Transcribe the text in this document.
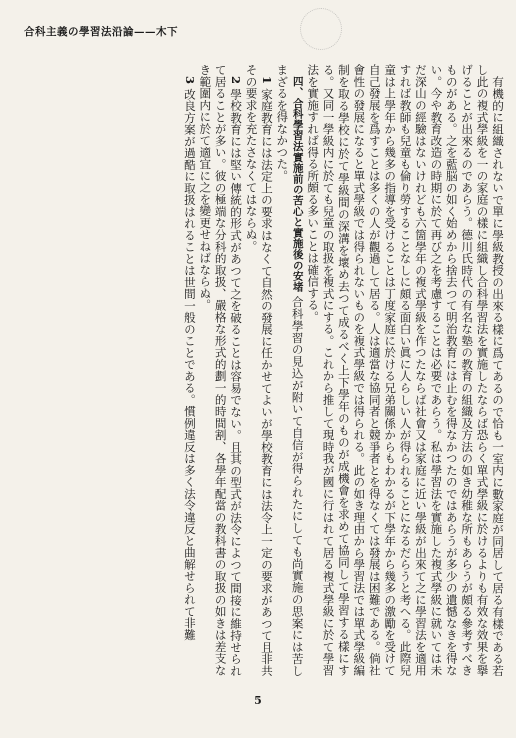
合科主義の學習法沿論——木下

有機的に組織されないで單に學級教授の出來る樣に爲てあるので恰も一室内に數家庭が同居して居る有樣である若し此の複式學級を一の家庭の樣に組織し合科學習法を實施したならば恐らく單式學級に於けるよりも有效な效果を擧げることが出來るのであらう。德川氏時代の有名な塾の教育の組織及方法の如き幼稚な所もあらうが頗る參考すべきものがある。之を藍脳の如く始めから捨去つて明治教育には止むを得なかつたのではあらうが多少の遺憾なきを得ない。今や教育改造の時期に於て再び之を考慮することは必要であらう。私は學習法を實施した複式學級に就いては未だ深山の經驗はないけれども六箇學年の複式學級を作つたならば社會又は家庭に近い學級が出來て之に學習法を適用すれば教師も兒童も倫り勞することなしに頗る面白い眞に人らしい人が得られることになるだらうと考へる。此際兒童は上學年から幾多の指導を受けることは丁度家庭に於ける兄弟關係からもわかるが下學年から幾多の激勵を受けて自己發展を爲すことは多くの人が觀過して居る。人は適當な協同者と競爭者とを得なくては發展は困難である。倘社會性の發展になると單式學級では得られないものを複式學級では得られる。此の如き理由から學習法では單式學級編制を取る學校に於て學級間の深溝を壞め去つて成るべく上下學年のものが成機會を求めて協同して學習する樣にする。又同一學級内に於ても兒童の取扱を複式にする。これから推して現時我が國に行はれて居る複式學級に於て學習法を實施すれば得る所頗る多いことは確信する。

四、合科學習法實施前の苦心と實施後の安堵 合科學習の見込が附いて自信が得られたにしても尚實施の思案には苦しまざるを得なかつた。

1 家庭教育には法定上の要求はなくて自然の發展に任かせてよいが學校教育には法令上一定の要求があつて且非共その要求を充たさなくてはならぬ。

2 學校教育には堅い傳統的形式があつて之を破ることは容易でない。且其の型式が法令によつて間接に維持せられて居ることが多い。彼の極端な分科的取扱、嚴格な形式的劃一的時間割、各學年配當の教科書の取扱の如きは差支なき範圍内に於て適宜に之を變更せねばならぬ。

3 改良方案が過酷に取扱はれることは世間一般のことである。慣例違反は多く法令違反と曲解せられて非難

5
